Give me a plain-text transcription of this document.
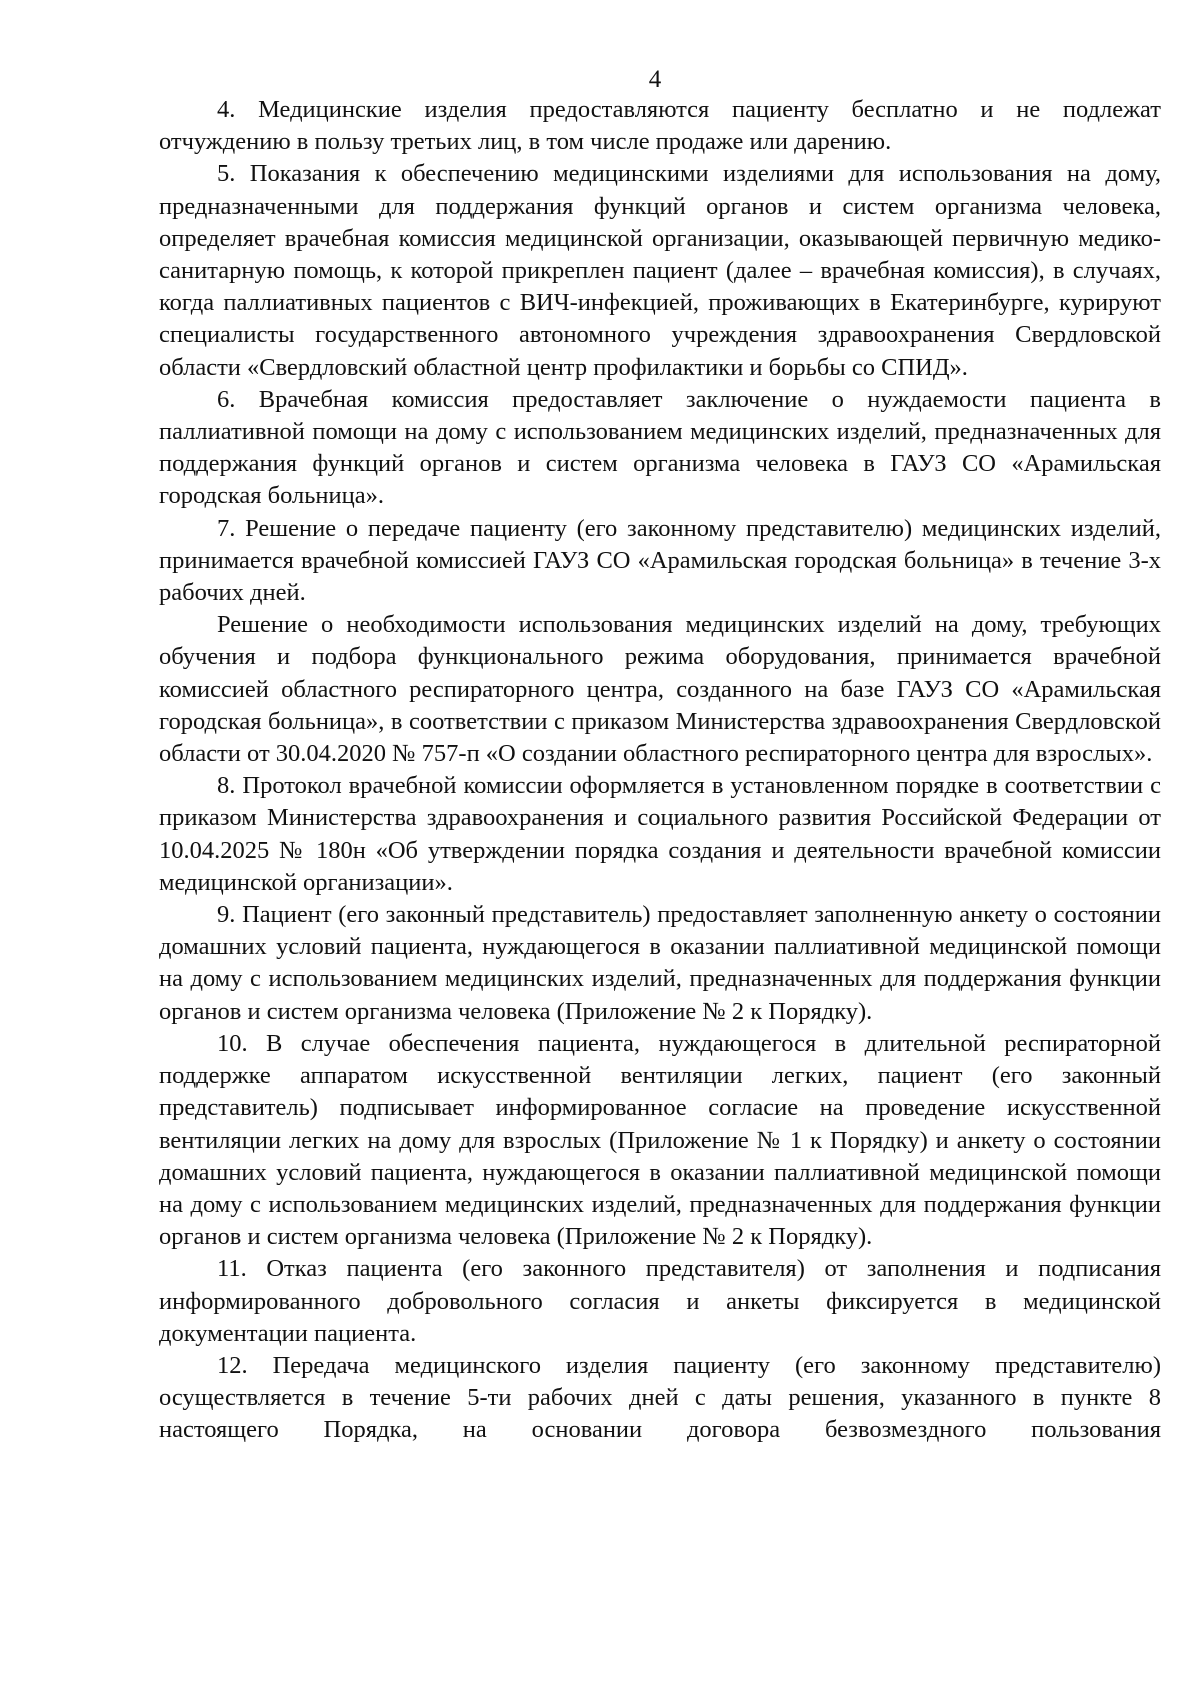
4

4. Медицинские изделия предоставляются пациенту бесплатно и не подлежат отчуждению в пользу третьих лиц, в том числе продаже или дарению.

5. Показания к обеспечению медицинскими изделиями для использования на дому, предназначенными для поддержания функций органов и систем организма человека, определяет врачебная комиссия медицинской организации, оказывающей первичную медико-санитарную помощь, к которой прикреплен пациент (далее – врачебная комиссия), в случаях, когда паллиативных пациентов с ВИЧ-инфекцией, проживающих в Екатеринбурге, курируют специалисты государственного автономного учреждения здравоохранения Свердловской области «Свердловский областной центр профилактики и борьбы со СПИД».

6. Врачебная комиссия предоставляет заключение о нуждаемости пациента в паллиативной помощи на дому с использованием медицинских изделий, предназначенных для поддержания функций органов и систем организма человека в ГАУЗ СО «Арамильская городская больница».

7. Решение о передаче пациенту (его законному представителю) медицинских изделий, принимается врачебной комиссией ГАУЗ СО «Арамильская городская больница» в течение 3-х рабочих дней.

Решение о необходимости использования медицинских изделий на дому, требующих обучения и подбора функционального режима оборудования, принимается врачебной комиссией областного респираторного центра, созданного на базе ГАУЗ СО «Арамильская городская больница», в соответствии с приказом Министерства здравоохранения Свердловской области от 30.04.2020 № 757-п «О создании областного респираторного центра для взрослых».

8. Протокол врачебной комиссии оформляется в установленном порядке в соответствии с приказом Министерства здравоохранения и социального развития Российской Федерации от 10.04.2025 № 180н «Об утверждении порядка создания и деятельности врачебной комиссии медицинской организации».

9. Пациент (его законный представитель) предоставляет заполненную анкету о состоянии домашних условий пациента, нуждающегося в оказании паллиативной медицинской помощи на дому с использованием медицинских изделий, предназначенных для поддержания функции органов и систем организма человека (Приложение № 2 к Порядку).

10. В случае обеспечения пациента, нуждающегося в длительной респираторной поддержке аппаратом искусственной вентиляции легких, пациент (его законный представитель) подписывает информированное согласие на проведение искусственной вентиляции легких на дому для взрослых (Приложение № 1 к Порядку) и анкету о состоянии домашних условий пациента, нуждающегося в оказании паллиативной медицинской помощи на дому с использованием медицинских изделий, предназначенных для поддержания функции органов и систем организма человека (Приложение № 2 к Порядку).

11. Отказ пациента (его законного представителя) от заполнения и подписания информированного добровольного согласия и анкеты фиксируется в медицинской документации пациента.

12. Передача медицинского изделия пациенту (его законному представителю) осуществляется в течение 5-ти рабочих дней с даты решения, указанного в пункте 8 настоящего Порядка, на основании договора безвозмездного пользования
